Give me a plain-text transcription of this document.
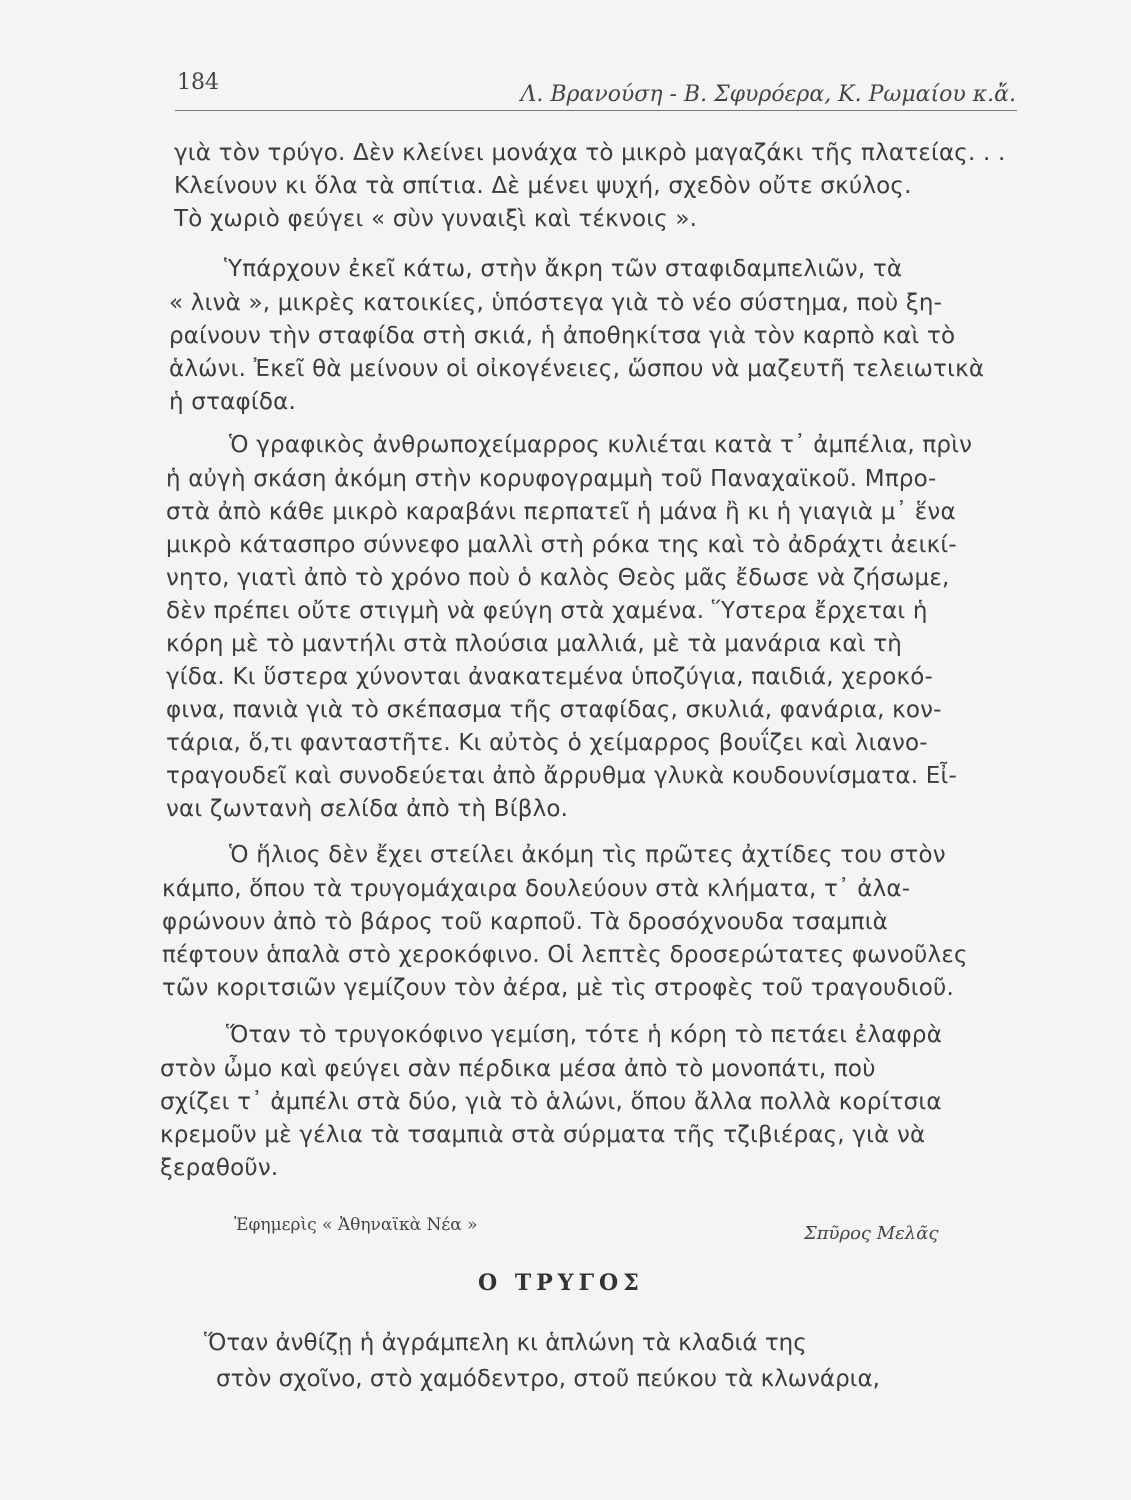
184	Λ. Βρανούση - Β. Σφυρόερα, Κ. Ρωμαίου κ.ἄ.
γιὰ τὸν τρύγο. Δὲν κλείνει μονάχα τὸ μικρὸ μαγαζάκι τῆς πλατείας. . .
Κλείνουν κι ὅλα τὰ σπίτια. Δὲ μένει ψυχή, σχεδὸν οὔτε σκύλος.
Τὸ χωριὸ φεύγει « σὺν γυναιξὶ καὶ τέκνοις ».
Ὑπάρχουν ἐκεῖ κάτω, στὴν ἄκρη τῶν σταφιδαμπελιῶν, τὰ
« λινὰ », μικρὲς κατοικίες, ὑπόστεγα γιὰ τὸ νέο σύστημα, ποὺ ξη-
ραίνουν τὴν σταφίδα στὴ σκιά, ἡ ἀποθηκίτσα γιὰ τὸν καρπὸ καὶ τὸ
ἁλώνι. Ἐκεῖ θὰ μείνουν οἱ οἰκογένειες, ὥσπου νὰ μαζευτῆ τελειωτικὰ
ἡ σταφίδα.
Ὁ γραφικὸς ἀνθρωποχείμαρρος κυλιέται κατὰ τ᾽ ἀμπέλια, πρὶν
ἡ αὐγὴ σκάση ἀκόμη στὴν κορυφογραμμὴ τοῦ Παναχαϊκοῦ. Μπρο-
στὰ ἀπὸ κάθε μικρὸ καραβάνι περπατεῖ ἡ μάνα ἢ κι ἡ γιαγιὰ μ᾽ ἕνα
μικρὸ κάτασπρο σύννεφο μαλλὶ στὴ ρόκα της καὶ τὸ ἀδράχτι ἀεικί-
νητο, γιατὶ ἀπὸ τὸ χρόνο ποὺ ὁ καλὸς Θεὸς μᾶς ἔδωσε νὰ ζήσωμε,
δὲν πρέπει οὔτε στιγμὴ νὰ φεύγη στὰ χαμένα. Ὕστερα ἔρχεται ἡ
κόρη μὲ τὸ μαντήλι στὰ πλούσια μαλλιά, μὲ τὰ μανάρια καὶ τὴ
γίδα. Κι ὕστερα χύνονται ἀνακατεμένα ὑποζύγια, παιδιά, χεροκό-
φινα, πανιὰ γιὰ τὸ σκέπασμα τῆς σταφίδας, σκυλιά, φανάρια, κον-
τάρια, ὅ,τι φανταστῆτε. Κι αὐτὸς ὁ χείμαρρος βουΐζει καὶ λιανο-
τραγουδεῖ καὶ συνοδεύεται ἀπὸ ἄρρυθμα γλυκὰ κουδουνίσματα. Εἶ-
ναι ζωντανὴ σελίδα ἀπὸ τὴ Βίβλο.
Ὁ ἥλιος δὲν ἔχει στείλει ἀκόμη τὶς πρῶτες ἀχτίδες του στὸν
κάμπο, ὅπου τὰ τρυγομάχαιρα δουλεύουν στὰ κλήματα, τ᾽ ἀλα-
φρώνουν ἀπὸ τὸ βάρος τοῦ καρποῦ. Τὰ δροσόχνουδα τσαμπιὰ
πέφτουν ἁπαλὰ στὸ χεροκόφινο. Οἱ λεπτὲς δροσερώτατες φωνοῦλες
τῶν κοριτσιῶν γεμίζουν τὸν ἀέρα, μὲ τὶς στροφὲς τοῦ τραγουδιοῦ.
Ὅταν τὸ τρυγοκόφινο γεμίση, τότε ἡ κόρη τὸ πετάει ἐλαφρὰ
στὸν ὦμο καὶ φεύγει σὰν πέρδικα μέσα ἀπὸ τὸ μονοπάτι, ποὺ
σχίζει τ᾽ ἀμπέλι στὰ δύο, γιὰ τὸ ἁλώνι, ὅπου ἄλλα πολλὰ κορίτσια
κρεμοῦν μὲ γέλια τὰ τσαμπιὰ στὰ σύρματα τῆς τζιβιέρας, γιὰ νὰ
ξεραθοῦν.
Ἐφημερὶς « Ἀθηναϊκὰ Νέα »	Σπῦρος Μελᾶς
Ο ΤΡΥΓΟΣ
Ὅταν ἀνθίζῃ ἡ ἀγράμπελη κι ἁπλώνη τὰ κλαδιά της
στὸν σχοῖνο, στὸ χαμόδεντρο, στοῦ πεύκου τὰ κλωνάρια,
